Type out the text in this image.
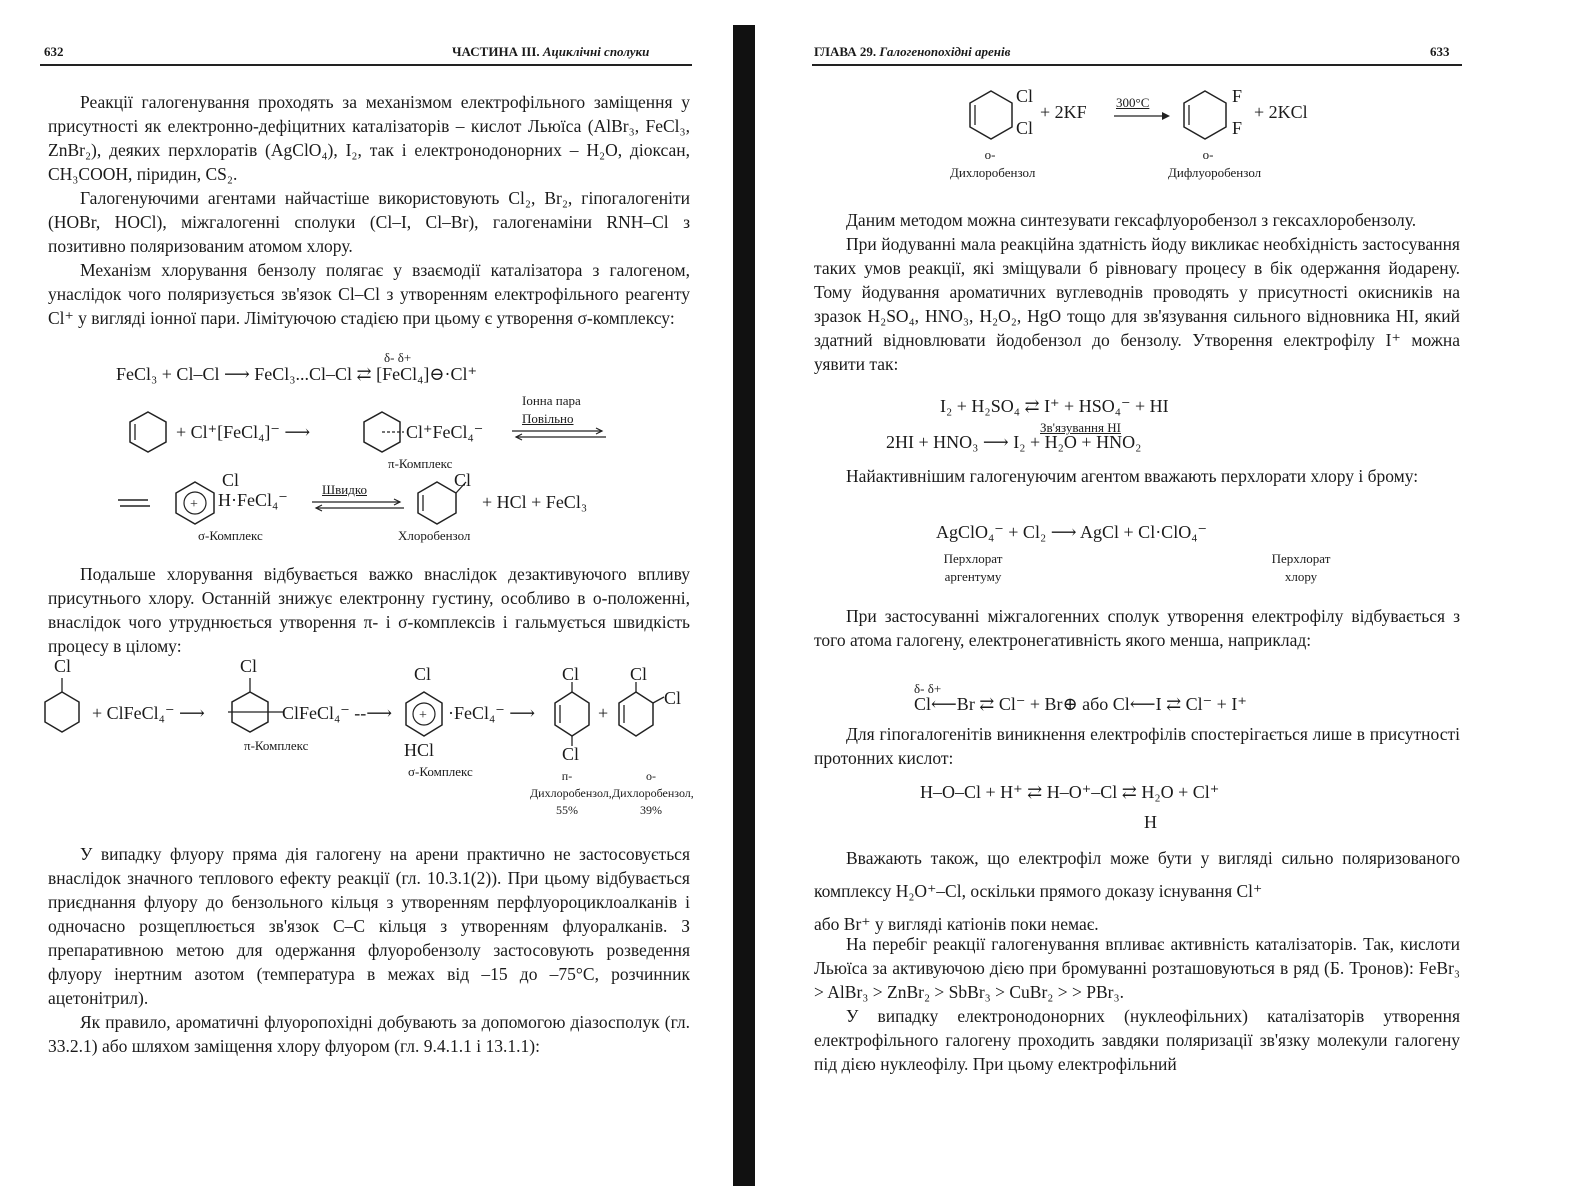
632	ЧАСТИНА III. Ациклічні сполуки

Реакції галогенування проходять за механізмом електрофільного заміщення у присутності як електронно-дефіцитних каталізаторів – кислот Льюїса (AlBr₃, FeCl₃, ZnBr₂), деяких перхлоратів (AgClO₄), I₂, так і електронодонорних – H₂O, діоксан, CH₃COOH, піридин, CS₂.

Галогенуючими агентами найчастіше використовують Cl₂, Br₂, гіпогалогеніти (HOBr, HOCl), міжгалогенні сполуки (Cl–I, Cl–Br), галогенаміни RNH–Cl з позитивно поляризованим атомом хлору.

Механізм хлорування бензолу полягає у взаємодії каталізатора з галогеном, унаслідок чого поляризується зв'язок Cl–Cl з утворенням електрофільного реагенту Cl⁺ у вигляді іонної пари. Лімітуючою стадією при цьому є утворення σ-комплексу:

FeCl₃ + Cl–Cl ⟶ FeCl₃...Cl–Cl ⇄ [FeCl₄]⊖·Cl⁺
δ- δ+
Іонна пара
+ Cl⁺[FeCl₄]⁻ ⟶	Cl⁺FeCl₄⁻
Повільно
π-Комплекс
+
Cl
H·FeCl₄⁻
Швидко	Cl
+ HCl + FeCl₃
σ-Комплекс	Хлоробензол

Подальше хлорування відбувається важко внаслідок дезактивуючого впливу присутнього хлору. Останній знижує електронну густину, особливо в о-положенні, внаслідок чого утруднюється утворення π- і σ-комплексів і гальмується швидкість процесу в цілому:

Cl
+ ClFeCl₄⁻ ⟶
Cl
ClFeCl₄⁻ --⟶
π-Комплекс
Cl
+ ·FeCl₄⁻ ⟶
HCl
σ-Комплекс
Cl
Cl
+
Cl
Cl
п-Дихлоробензол, 55%
о-Дихлоробензол, 39%

У випадку флуору пряма дія галогену на арени практично не застосовується внаслідок значного теплового ефекту реакції (гл. 10.3.1(2)). При цьому відбувається приєднання флуору до бензольного кільця з утворенням перфлуороциклоалканів і одночасно розщеплюється зв'язок С–С кільця з утворенням флуоралканів. З препаративною метою для одержання флуоробензолу застосовують розведення флуору інертним азотом (температура в межах від –15 до –75°С, розчинник ацетонітрил).

Як правило, ароматичні флуоропохідні добувають за допомогою діазосполук (гл. 33.2.1) або шляхом заміщення хлору флуором (гл. 9.4.1.1 і 13.1.1):

ГЛАВА 29. Галогенопохідні аренів	633
Cl
Cl
+ 2KF 300°C	F
F
+ 2KCl
о-Дихлоробензол
о-Дифлуоробензол

Даним методом можна синтезувати гексафлуоробензол з гексахлоробензолу.

При йодуванні мала реакційна здатність йоду викликає необхідність застосування таких умов реакції, які зміщували б рівновагу процесу в бік одержання йодарену. Тому йодування ароматичних вуглеводнів проводять у присутності окисників на зразок H₂SO₄, HNO₃, H₂O₂, HgO тощо для зв'язування сильного відновника HI, який здатний відновлювати йодобензол до бензолу. Утворення електрофілу I⁺ можна уявити так:

I₂ + H₂SO₄ ⇄ I⁺ + HSO₄⁻ + HI
Зв'язування HI
2HI + HNO₃ ⟶ I₂ + H₂O + HNO₂

Найактивнішим галогенуючим агентом вважають перхлорати хлору і брому:

AgClO₄⁻ + Cl₂ ⟶ AgCl + Cl·ClO₄⁻
Перхлорат аргентуму
Перхлорат хлору

При застосуванні міжгалогенних сполук утворення електрофілу відбувається з того атома галогену, електронегативність якого менша, наприклад:

δ- δ+
Cl⟵Br ⇄ Cl⁻ + Br⊕ або Cl⟵I ⇄ Cl⁻ + I⁺

Для гіпогалогенітів виникнення електрофілів спостерігається лише в присутності протонних кислот:

H–O–Cl + H⁺ ⇄ H–O⁺–Cl ⇄ H₂O + Cl⁺
H

Вважають також, що електрофіл може бути у вигляді сильно поляризованого комплексу H₂O⁺–Cl, оскільки прямого доказу існування Cl⁺

або Br⁺ у вигляді катіонів поки немає.

На перебіг реакції галогенування впливає активність каталізаторів. Так, кислоти Льюїса за активуючою дією при бромуванні розташовуються в ряд (Б. Тронов): FeBr₃ > AlBr₃ > ZnBr₂ > SbBr₃ > CuBr₂ > > PBr₃.

У випадку електронодонорних (нуклеофільних) каталізаторів утворення електрофільного галогену проходить завдяки поляризації зв'язку молекули галогену під дією нуклеофілу. При цьому електрофільний
